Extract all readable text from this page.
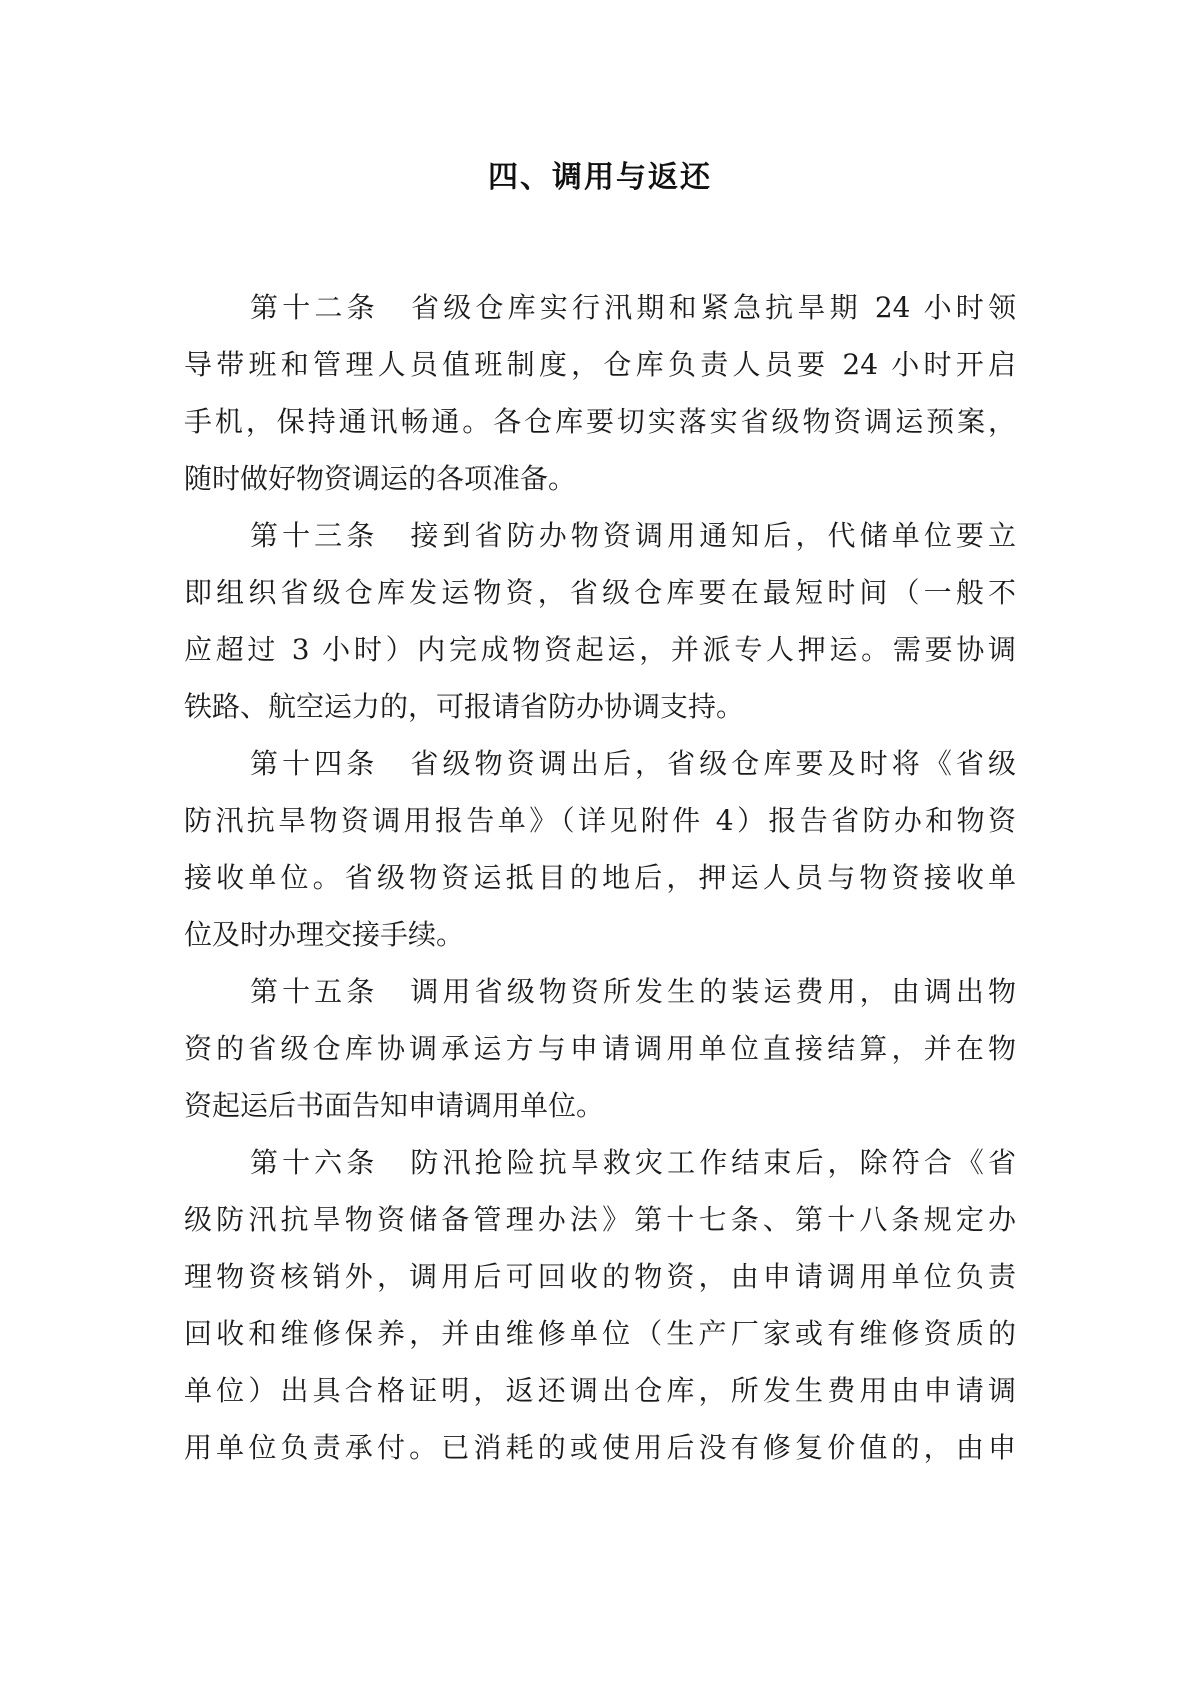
四、调用与返还
第十二条　省级仓库实行汛期和紧急抗旱期 24 小时领
导带班和管理人员值班制度，仓库负责人员要 24 小时开启
手机，保持通讯畅通。各仓库要切实落实省级物资调运预案，
随时做好物资调运的各项准备。
第十三条　接到省防办物资调用通知后，代储单位要立
即组织省级仓库发运物资，省级仓库要在最短时间（一般不
应超过 3 小时）内完成物资起运，并派专人押运。需要协调
铁路、航空运力的，可报请省防办协调支持。
第十四条　省级物资调出后，省级仓库要及时将《省级
防汛抗旱物资调用报告单》（详见附件 4）报告省防办和物资
接收单位。省级物资运抵目的地后，押运人员与物资接收单
位及时办理交接手续。
第十五条　调用省级物资所发生的装运费用，由调出物
资的省级仓库协调承运方与申请调用单位直接结算，并在物
资起运后书面告知申请调用单位。
第十六条　防汛抢险抗旱救灾工作结束后，除符合《省
级防汛抗旱物资储备管理办法》第十七条、第十八条规定办
理物资核销外，调用后可回收的物资，由申请调用单位负责
回收和维修保养，并由维修单位（生产厂家或有维修资质的
单位）出具合格证明，返还调出仓库，所发生费用由申请调
用单位负责承付。已消耗的或使用后没有修复价值的，由申
